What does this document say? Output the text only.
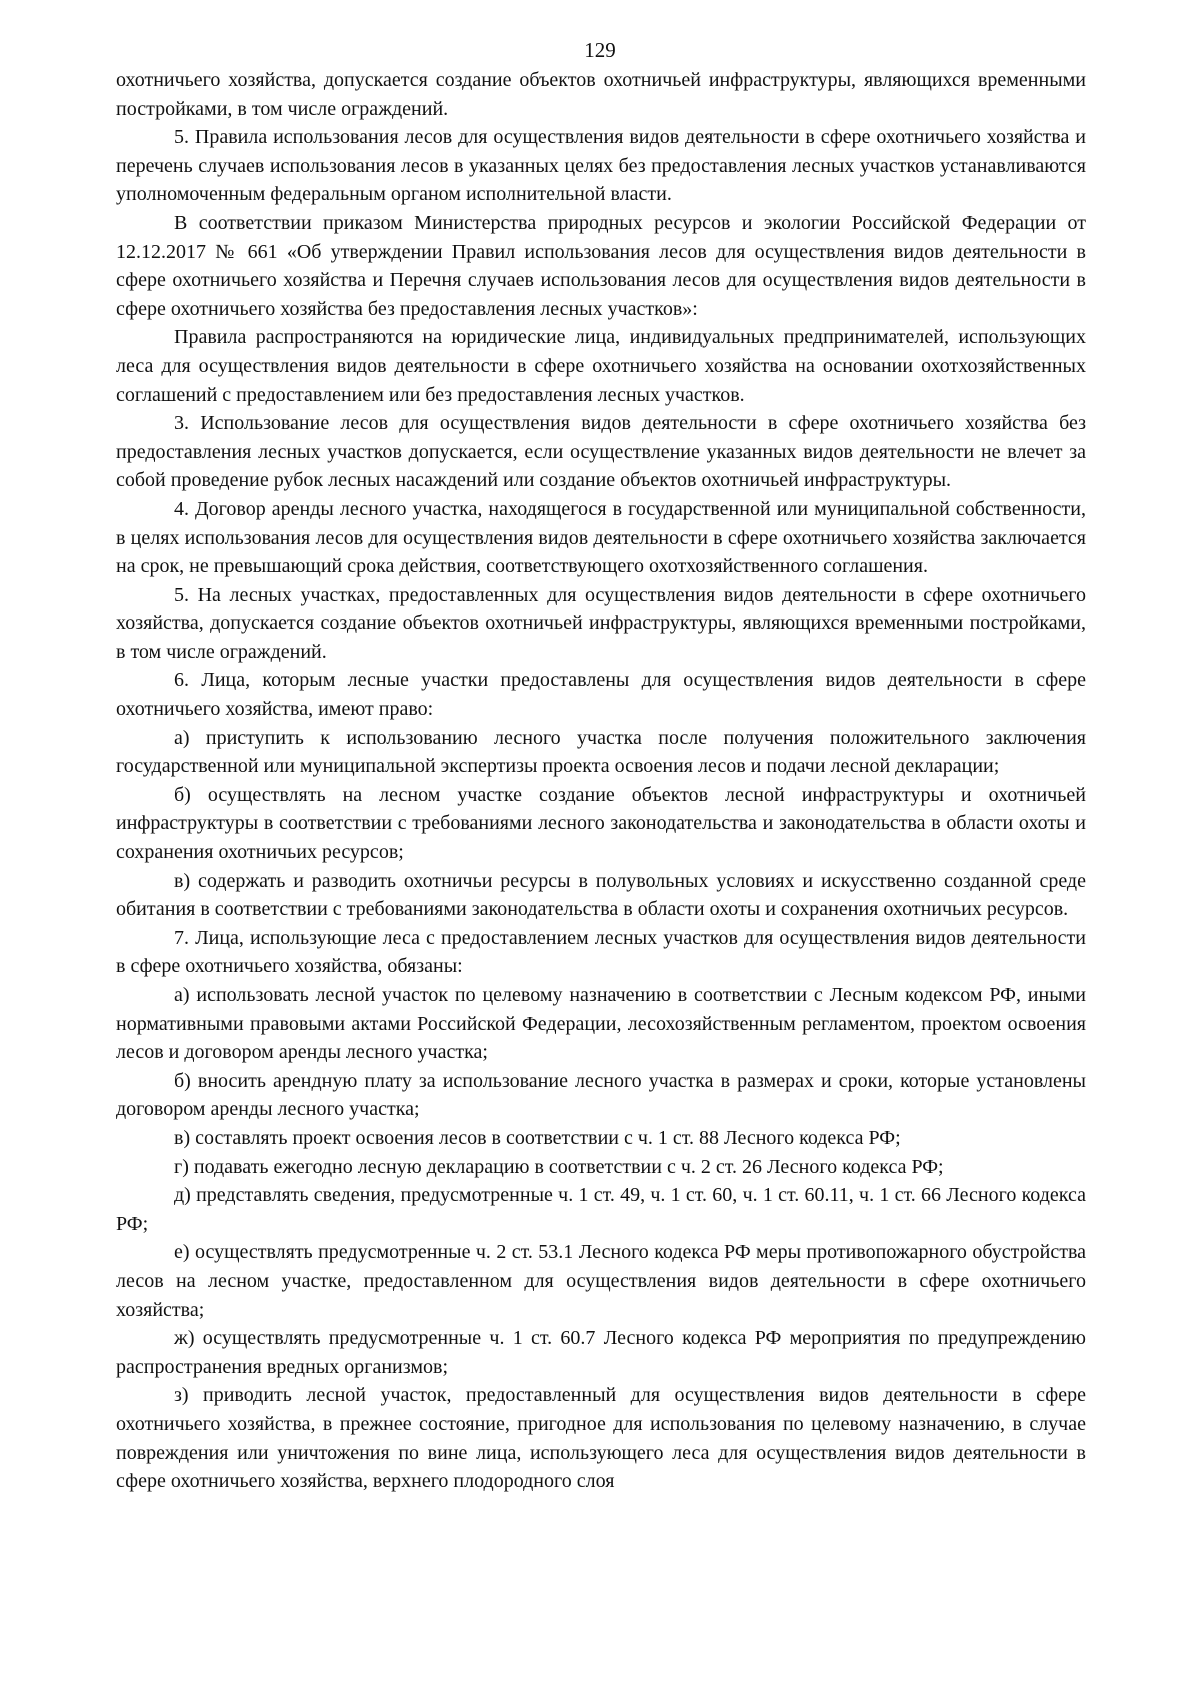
129

охотничьего хозяйства, допускается создание объектов охотничьей инфраструктуры, являющихся временными постройками, в том числе ограждений.

5. Правила использования лесов для осуществления видов деятельности в сфере охотничьего хозяйства и перечень случаев использования лесов в указанных целях без предоставления лесных участков устанавливаются уполномоченным федеральным органом исполнительной власти.

В соответствии приказом Министерства природных ресурсов и экологии Российской Федерации от 12.12.2017 № 661 «Об утверждении Правил использования лесов для осуществления видов деятельности в сфере охотничьего хозяйства и Перечня случаев использования лесов для осуществления видов деятельности в сфере охотничьего хозяйства без предоставления лесных участков»:

Правила распространяются на юридические лица, индивидуальных предпринимателей, использующих леса для осуществления видов деятельности в сфере охотничьего хозяйства на основании охотхозяйственных соглашений с предоставлением или без предоставления лесных участков.

3. Использование лесов для осуществления видов деятельности в сфере охотничьего хозяйства без предоставления лесных участков допускается, если осуществление указанных видов деятельности не влечет за собой проведение рубок лесных насаждений или создание объектов охотничьей инфраструктуры.

4. Договор аренды лесного участка, находящегося в государственной или муниципальной собственности, в целях использования лесов для осуществления видов деятельности в сфере охотничьего хозяйства заключается на срок, не превышающий срока действия, соответствующего охотхозяйственного соглашения.

5. На лесных участках, предоставленных для осуществления видов деятельности в сфере охотничьего хозяйства, допускается создание объектов охотничьей инфраструктуры, являющихся временными постройками, в том числе ограждений.

6. Лица, которым лесные участки предоставлены для осуществления видов деятельности в сфере охотничьего хозяйства, имеют право:

а) приступить к использованию лесного участка после получения положительного заключения государственной или муниципальной экспертизы проекта освоения лесов и подачи лесной декларации;

б) осуществлять на лесном участке создание объектов лесной инфраструктуры и охотничьей инфраструктуры в соответствии с требованиями лесного законодательства и законодательства в области охоты и сохранения охотничьих ресурсов;

в) содержать и разводить охотничьи ресурсы в полувольных условиях и искусственно созданной среде обитания в соответствии с требованиями законодательства в области охоты и сохранения охотничьих ресурсов.

7. Лица, использующие леса с предоставлением лесных участков для осуществления видов деятельности в сфере охотничьего хозяйства, обязаны:

а) использовать лесной участок по целевому назначению в соответствии с Лесным кодексом РФ, иными нормативными правовыми актами Российской Федерации, лесохозяйственным регламентом, проектом освоения лесов и договором аренды лесного участка;

б) вносить арендную плату за использование лесного участка в размерах и сроки, которые установлены договором аренды лесного участка;

в) составлять проект освоения лесов в соответствии с ч. 1 ст. 88 Лесного кодекса РФ;

г) подавать ежегодно лесную декларацию в соответствии с ч. 2 ст. 26 Лесного кодекса РФ;

д) представлять сведения, предусмотренные ч. 1 ст. 49, ч. 1 ст. 60, ч. 1 ст. 60.11, ч. 1 ст. 66 Лесного кодекса РФ;

е) осуществлять предусмотренные ч. 2 ст. 53.1 Лесного кодекса РФ меры противопожарного обустройства лесов на лесном участке, предоставленном для осуществления видов деятельности в сфере охотничьего хозяйства;

ж) осуществлять предусмотренные ч. 1 ст. 60.7 Лесного кодекса РФ мероприятия по предупреждению распространения вредных организмов;

з) приводить лесной участок, предоставленный для осуществления видов деятельности в сфере охотничьего хозяйства, в прежнее состояние, пригодное для использования по целевому назначению, в случае повреждения или уничтожения по вине лица, использующего леса для осуществления видов деятельности в сфере охотничьего хозяйства, верхнего плодородного слоя
